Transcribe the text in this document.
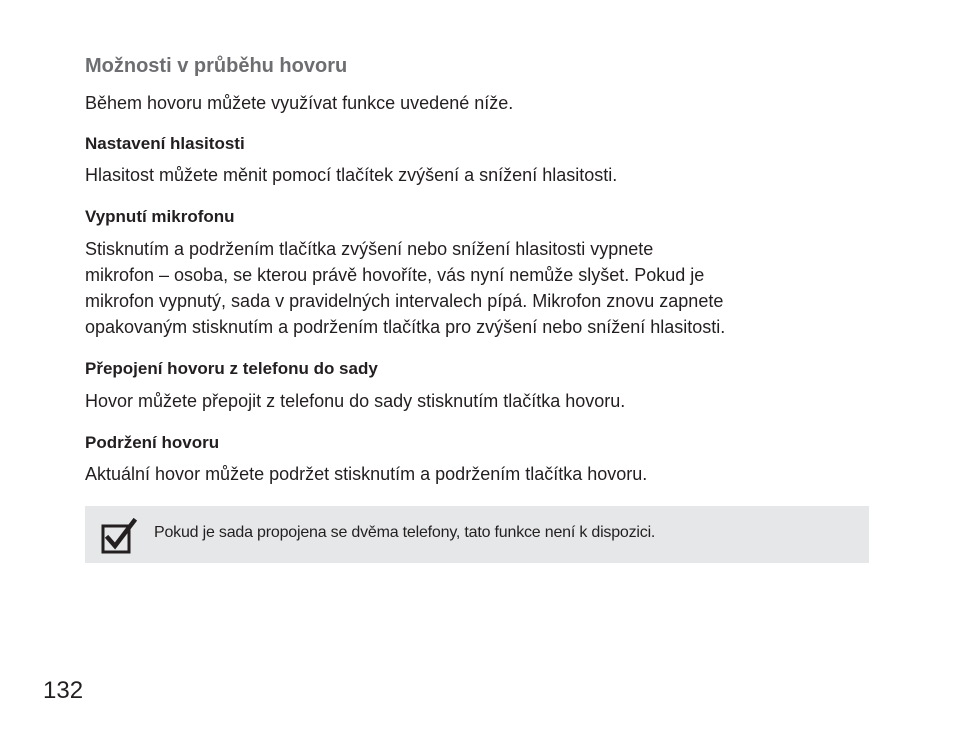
Možnosti v průběhu hovoru

Během hovoru můžete využívat funkce uvedené níže.

Nastavení hlasitosti

Hlasitost můžete měnit pomocí tlačítek zvýšení a snížení hlasitosti.

Vypnutí mikrofonu

Stisknutím a podržením tlačítka zvýšení nebo snížení hlasitosti vypnete
mikrofon – osoba, se kterou právě hovoříte, vás nyní nemůže slyšet. Pokud je
mikrofon vypnutý, sada v pravidelných intervalech pípá. Mikrofon znovu zapnete
opakovaným stisknutím a podržením tlačítka pro zvýšení nebo snížení hlasitosti.

Přepojení hovoru z telefonu do sady

Hovor můžete přepojit z telefonu do sady stisknutím tlačítka hovoru.

Podržení hovoru

Aktuální hovor můžete podržet stisknutím a podržením tlačítka hovoru.

Pokud je sada propojena se dvěma telefony, tato funkce není k dispozici.

132
